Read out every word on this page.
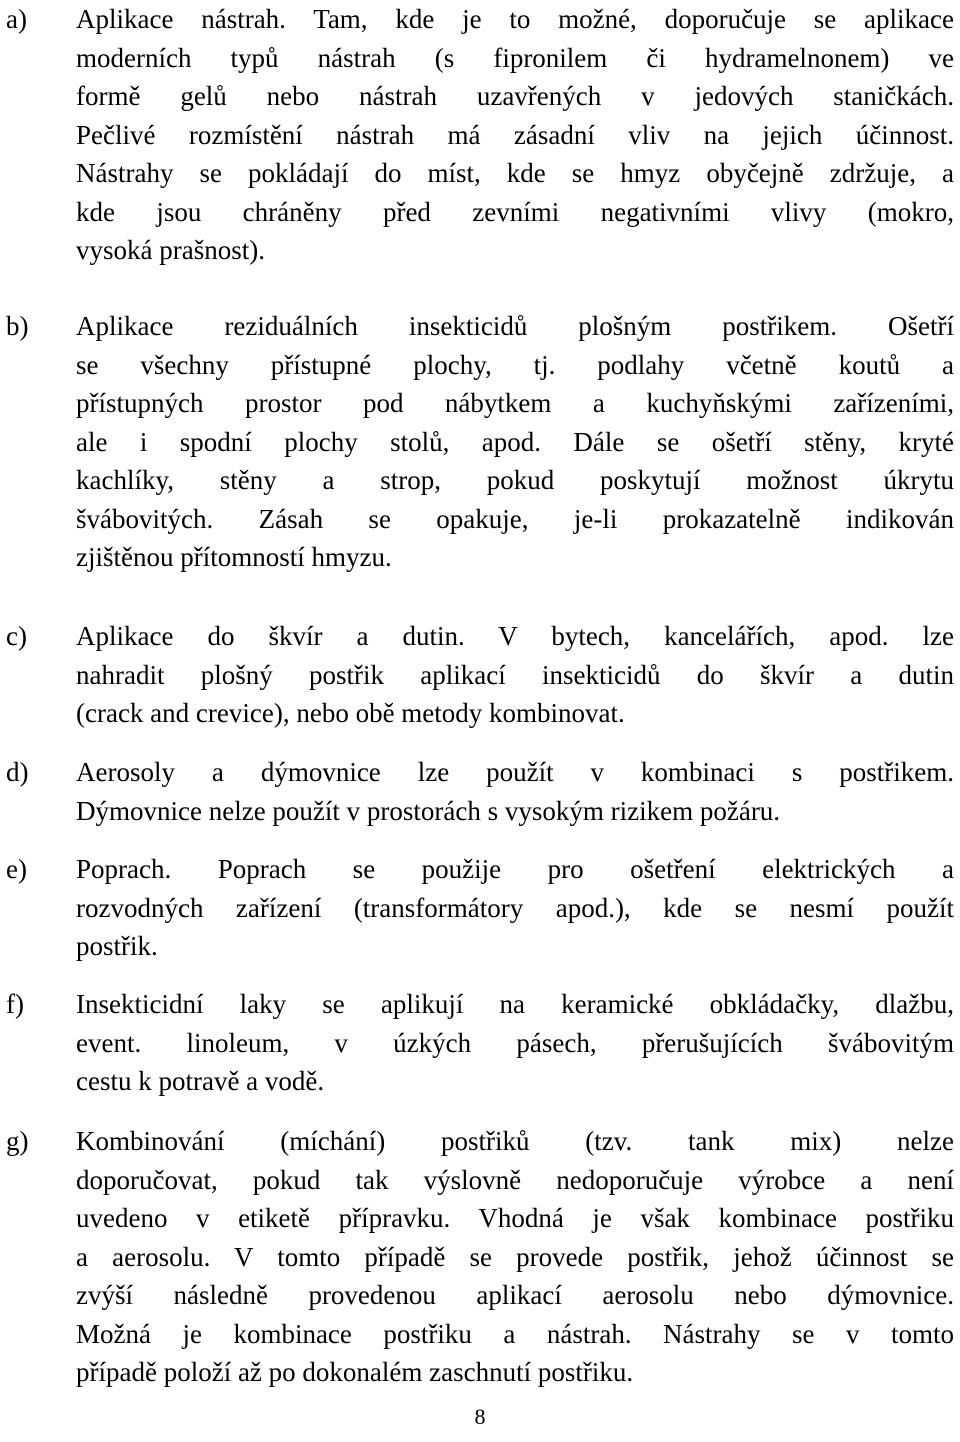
a) Aplikace nástrah. Tam, kde je to možné, doporučuje se aplikace
moderních typů nástrah (s fipronilem či hydramelnonem) ve
formě gelů nebo nástrah uzavřených v jedových staničkách.
Pečlivé rozmístění nástrah má zásadní vliv na jejich účinnost.
Nástrahy se pokládají do míst, kde se hmyz obyčejně zdržuje, a
kde jsou chráněny před zevními negativními vlivy (mokro,
vysoká prašnost).
b) Aplikace reziduálních insekticidů plošným postřikem. Ošetří
se všechny přístupné plochy, tj. podlahy včetně koutů a
přístupných prostor pod nábytkem a kuchyňskými zařízeními,
ale i spodní plochy stolů, apod. Dále se ošetří stěny, kryté
kachlíky, stěny a strop, pokud poskytují možnost úkrytu
švábovitých. Zásah se opakuje, je-li prokazatelně indikován
zjištěnou přítomností hmyzu.
c) Aplikace do škvír a dutin. V bytech, kancelářích, apod. lze
nahradit plošný postřik aplikací insekticidů do škvír a dutin
(crack and crevice), nebo obě metody kombinovat.
d) Aerosoly a dýmovnice lze použít v kombinaci s postřikem.
Dýmovnice nelze použít v prostorách s vysokým rizikem požáru.
e) Poprach. Poprach se použije pro ošetření elektrických a
rozvodných zařízení (transformátory apod.), kde se nesmí použít
postřik.
f) Insekticidní laky se aplikují na keramické obkládačky, dlažbu,
event. linoleum, v úzkých pásech, přerušujících švábovitým
cestu k potravě a vodě.
g) Kombinování (míchání) postřiků (tzv. tank mix) nelze
doporučovat, pokud tak výslovně nedoporučuje výrobce a není
uvedeno v etiketě přípravku. Vhodná je však kombinace postřiku
a aerosolu. V tomto případě se provede postřik, jehož účinnost se
zvýší následně provedenou aplikací aerosolu nebo dýmovnice.
Možná je kombinace postřiku a nástrah. Nástrahy se v tomto
případě položí až po dokonalém zaschnutí postřiku.
8
